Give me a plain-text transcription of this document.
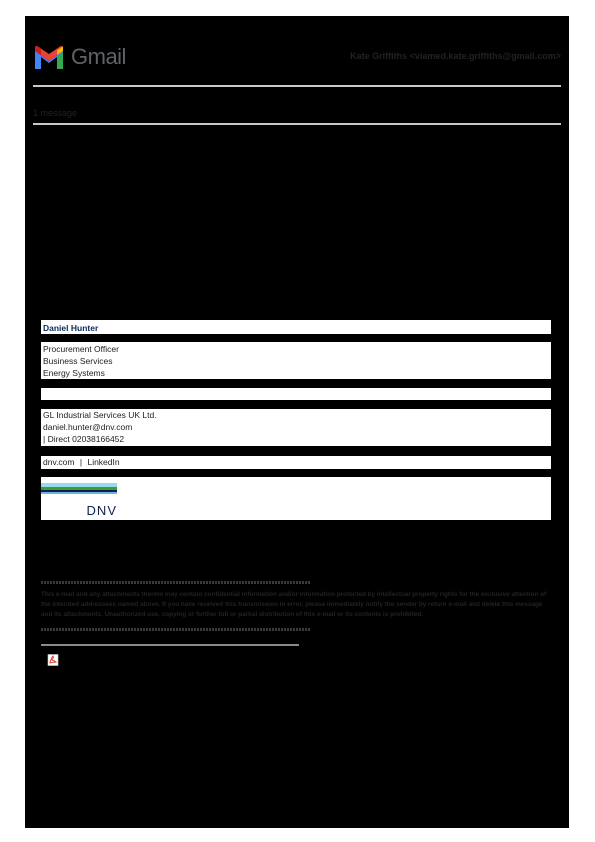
Gmail	Kate Griffiths <viamed.kate.griffiths@gmail.com>
1 message
Daniel Hunter
Procurement Officer
Business Services
Energy Systems
GL Industrial Services UK Ltd.
daniel.hunter@dnv.com
| Direct 02038166452
dnv.com | LinkedIn
DNV
This e-mail and any attachments thereto may contain confidential information and/or information protected by intellectual property rights for the exclusive attention of the intended addressees named above. If you have received this transmission in error, please immediately notify the sender by return e-mail and delete this message and its attachments. Unauthorized use, copying or further full or partial distribution of this e-mail or its contents is prohibited.
